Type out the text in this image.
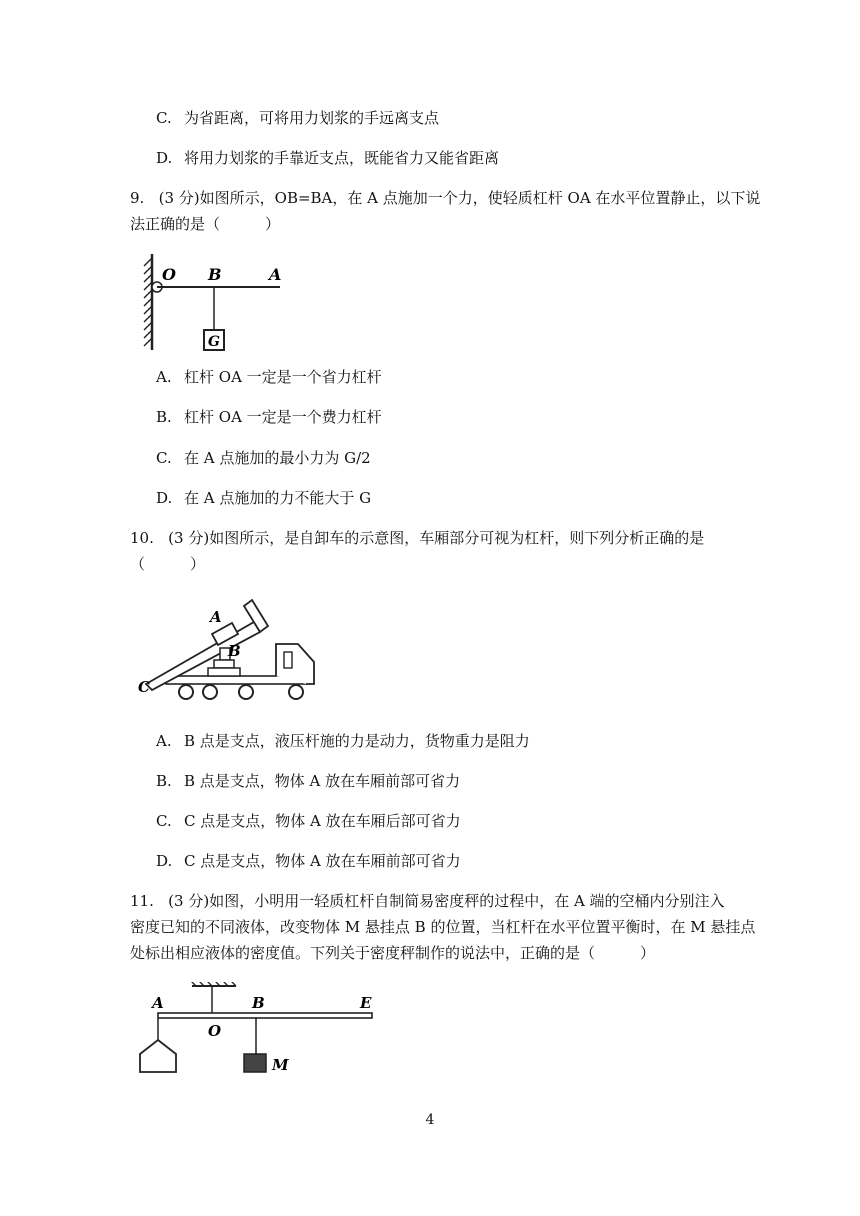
C. 为省距离，可将用力划浆的手远离支点
D. 将用力划浆的手靠近支点，既能省力又能省距离
9. (3 分)如图所示，OB=BA，在 A 点施加一个力，使轻质杠杆 OA 在水平位置静止，以下说
法正确的是（　　　）
G
O B	A
A. 杠杆 OA 一定是一个省力杠杆
B. 杠杆 OA 一定是一个费力杠杆
C. 在 A 点施加的最小力为 G/2
D. 在 A 点施加的力不能大于 G
10. (3 分)如图所示，是自卸车的示意图，车厢部分可视为杠杆，则下列分析正确的是
（　　　）
A
B
C
A. B 点是支点，液压杆施的力是动力，货物重力是阻力
B. B 点是支点，物体 A 放在车厢前部可省力
C. C 点是支点，物体 A 放在车厢后部可省力
D. C 点是支点，物体 A 放在车厢前部可省力
11. (3 分)如图，小明用一轻质杠杆自制简易密度秤的过程中，在 A 端的空桶内分别注入
密度已知的不同液体，改变物体 M 悬挂点 B 的位置，当杠杆在水平位置平衡时，在 M 悬挂点
处标出相应液体的密度值。下列关于密度秤制作的说法中，正确的是（　　　）
A
O
B	E
M
4
